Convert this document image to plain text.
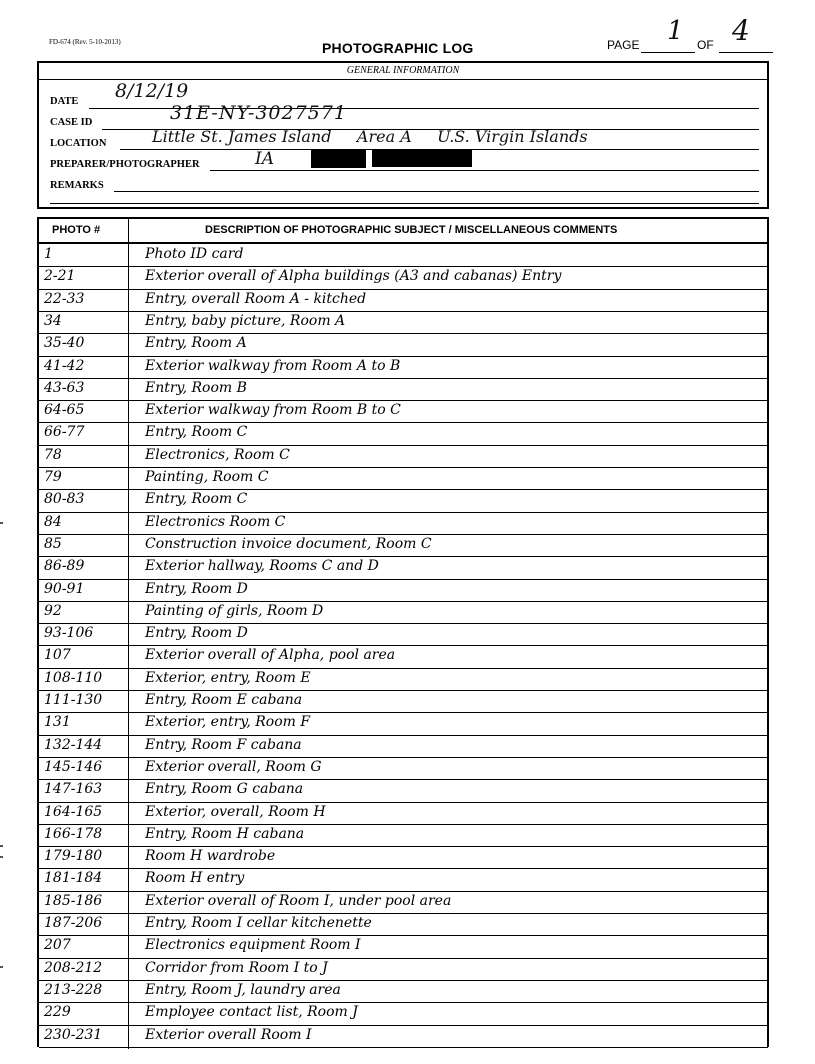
FD-674 (Rev. 5-10-2013)	PHOTOGRAPHIC LOG	PAGE 1 OF 4
GENERAL INFORMATION
DATE 8/12/19
CASE ID	31E-NY-3027571
LOCATION	Little St. James Island     Area A     U.S. Virgin Islands
PREPARER/PHOTOGRAPHER	IA
REMARKS
PHOTO #	DESCRIPTION OF PHOTOGRAPHIC SUBJECT / MISCELLANEOUS COMMENTS
1	Photo ID card
2-21	Exterior overall of Alpha buildings (A3 and cabanas) Entry
22-33	Entry, overall Room A - kitched
34	Entry, baby picture, Room A
35-40	Entry, Room A
41-42	Exterior walkway from Room A to B
43-63	Entry, Room B
64-65	Exterior walkway from Room B to C
66-77	Entry, Room C
78	Electronics, Room C
79	Painting, Room C
80-83	Entry, Room C
84	Electronics Room C
85	Construction invoice document, Room C
86-89	Exterior hallway, Rooms C and D
90-91	Entry, Room D
92	Painting of girls, Room D
93-106	Entry, Room D
107	Exterior overall of Alpha, pool area
108-110	Exterior, entry, Room E
111-130	Entry, Room E cabana
131	Exterior, entry, Room F
132-144	Entry, Room F cabana
145-146	Exterior overall, Room G
147-163	Entry, Room G cabana
164-165	Exterior, overall, Room H
166-178	Entry, Room H cabana
179-180	Room H wardrobe
181-184	Room H entry
185-186	Exterior overall of Room I, under pool area
187-206	Entry, Room I cellar kitchenette
207	Electronics equipment Room I
208-212	Corridor from Room I to J
213-228	Entry, Room J, laundry area
229	Employee contact list, Room J
230-231	Exterior overall Room I
